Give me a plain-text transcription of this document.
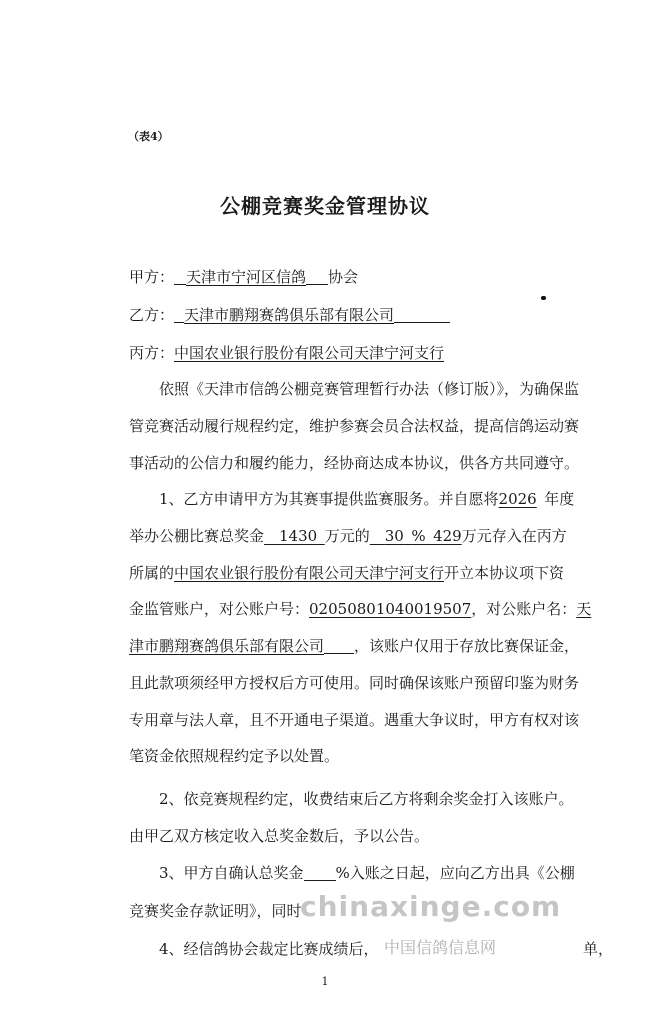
（表4）
公棚竞赛奖金管理协议
甲方： 天津市宁河区信鸽 协会
乙方： 天津市鹏翔赛鸽俱乐部有限公司
丙方：中国农业银行股份有限公司天津宁河支行
依照《天津市信鸽公棚竞赛管理暂行办法（修订版）》，为确保监
管竞赛活动履行规程约定，维护参赛会员合法权益，提高信鸽运动赛
事活动的公信力和履约能力，经协商达成本协议，供各方共同遵守。
1、乙方申请甲方为其赛事提供监赛服务。并自愿将2026  年度
举办公棚比赛总奖金   1430  万元的   30  %  429万元存入在丙方
所属的中国农业银行股份有限公司天津宁河支行开立本协议项下资
金监管账户，对公账户号：02050801040019507，对公账户名：天
津市鹏翔赛鸽俱乐部有限公司 ，该账户仅用于存放比赛保证金，
且此款项须经甲方授权后方可使用。同时确保该账户预留印鉴为财务
专用章与法人章，且不开通电子渠道。遇重大争议时，甲方有权对该
笔资金依照规程约定予以处置。
2、依竞赛规程约定，收费结束后乙方将剩余奖金打入该账户。
由甲乙双方核定收入总奖金数后，予以公告。
3、甲方自确认总奖金 %入账之日起，应向乙方出具《公棚
竞赛奖金存款证明》，同时
4、经信鸽协会裁定比赛成绩后，	单，
chinaxinge.com
中国信鸽信息网
1
